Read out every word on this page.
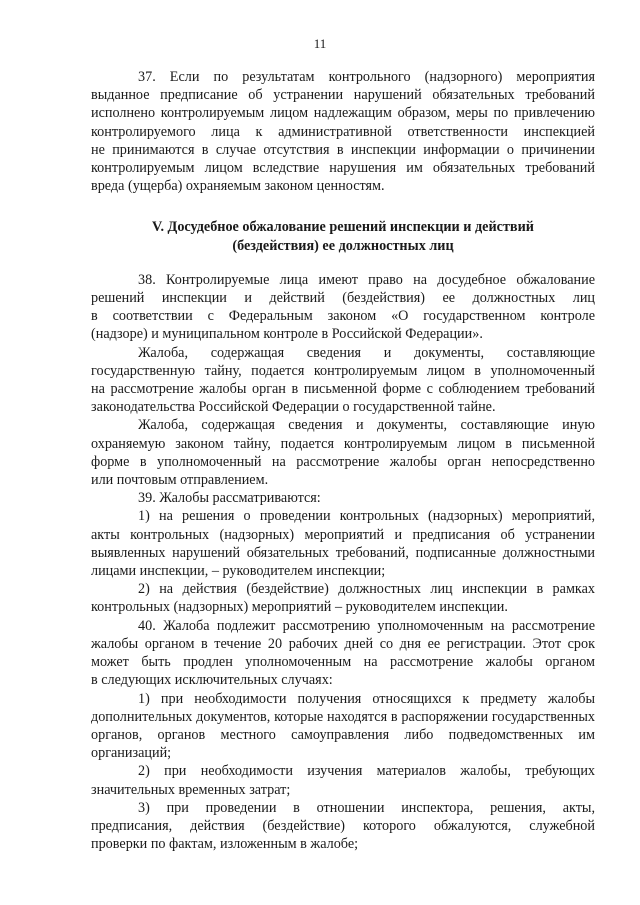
11

37. Если по результатам контрольного (надзорного) мероприятия
выданное предписание об устранении нарушений обязательных требований
исполнено контролируемым лицом надлежащим образом, меры по привлечению
контролируемого лица к административной ответственности инспекцией
не принимаются в случае отсутствия в инспекции информации о причинении
контролируемым лицом вследствие нарушения им обязательных требований
вреда (ущерба) охраняемым законом ценностям.

V. Досудебное обжалование решений инспекции и действий
(бездействия) ее должностных лиц

38. Контролируемые лица имеют право на досудебное обжалование
решений инспекции и действий (бездействия) ее должностных лиц
в соответствии с Федеральным законом «О государственном контроле
(надзоре) и муниципальном контроле в Российской Федерации».

Жалоба, содержащая сведения и документы, составляющие
государственную тайну, подается контролируемым лицом в уполномоченный
на рассмотрение жалобы орган в письменной форме с соблюдением требований
законодательства Российской Федерации о государственной тайне.

Жалоба, содержащая сведения и документы, составляющие иную
охраняемую законом тайну, подается контролируемым лицом в письменной
форме в уполномоченный на рассмотрение жалобы орган непосредственно
или почтовым отправлением.

39. Жалобы рассматриваются:

1) на решения о проведении контрольных (надзорных) мероприятий,
акты контрольных (надзорных) мероприятий и предписания об устранении
выявленных нарушений обязательных требований, подписанные должностными
лицами инспекции, – руководителем инспекции;

2) на действия (бездействие) должностных лиц инспекции в рамках
контрольных (надзорных) мероприятий – руководителем инспекции.

40. Жалоба подлежит рассмотрению уполномоченным на рассмотрение
жалобы органом в течение 20 рабочих дней со дня ее регистрации. Этот срок
может быть продлен уполномоченным на рассмотрение жалобы органом
в следующих исключительных случаях:

1) при необходимости получения относящихся к предмету жалобы
дополнительных документов, которые находятся в распоряжении государственных
органов, органов местного самоуправления либо подведомственных им
организаций;

2) при необходимости изучения материалов жалобы, требующих
значительных временных затрат;

3) при проведении в отношении инспектора, решения, акты,
предписания, действия (бездействие) которого обжалуются, служебной
проверки по фактам, изложенным в жалобе;
